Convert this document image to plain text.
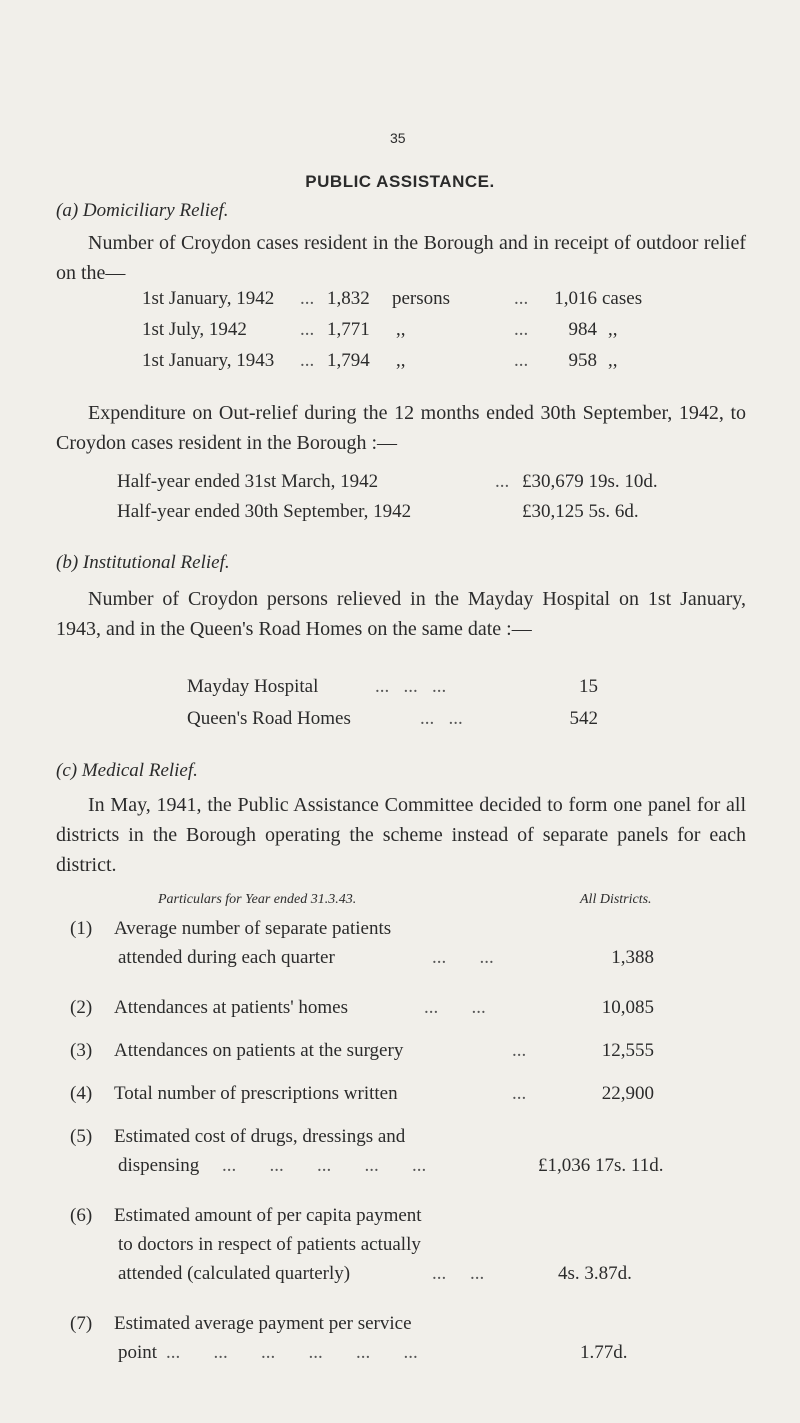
35
PUBLIC ASSISTANCE.
(a) Domiciliary Relief.
Number of Croydon cases resident in the Borough and in receipt of outdoor relief on the—
1st January, 1942 ... 1,832 persons	...	1,016 cases
1st July, 1942	... 1,771 ,,	...	984 ,,
1st January, 1943 ... 1,794 ,,	...	958 ,,
Expenditure on Out-relief during the 12 months ended 30th September, 1942, to Croydon cases resident in the Borough :—
Half-year ended 31st March, 1942	... £30,679 19s. 10d.
Half-year ended 30th September, 1942	£30,125 5s. 6d.
(b) Institutional Relief.
Number of Croydon persons relieved in the Mayday Hospital on 1st January, 1943, and in the Queen's Road Homes on the same date :—
Mayday Hospital	...   ...   ...	15
Queen's Road Homes	...   ...	542
(c) Medical Relief.
In May, 1941, the Public Assistance Committee decided to form one panel for all districts in the Borough operating the scheme instead of separate panels for each district.
Particulars for Year ended 31.3.43.	All Districts.
(1) Average number of separate patients
attended during each quarter	...       ...	1,388
(2) Attendances at patients' homes	...       ...	10,085
(3) Attendances on patients at the surgery	...	12,555
(4) Total number of prescriptions written	...	22,900
(5) Estimated cost of drugs, dressings and
dispensing ...       ...       ...       ...       ...	£1,036 17s. 11d.
(6) Estimated amount of per capita payment
to doctors in respect of patients actually
attended (calculated quarterly)	...     ...	4s. 3.87d.
(7) Estimated average payment per service
point ...       ...       ...       ...       ...       ...	1.77d.
